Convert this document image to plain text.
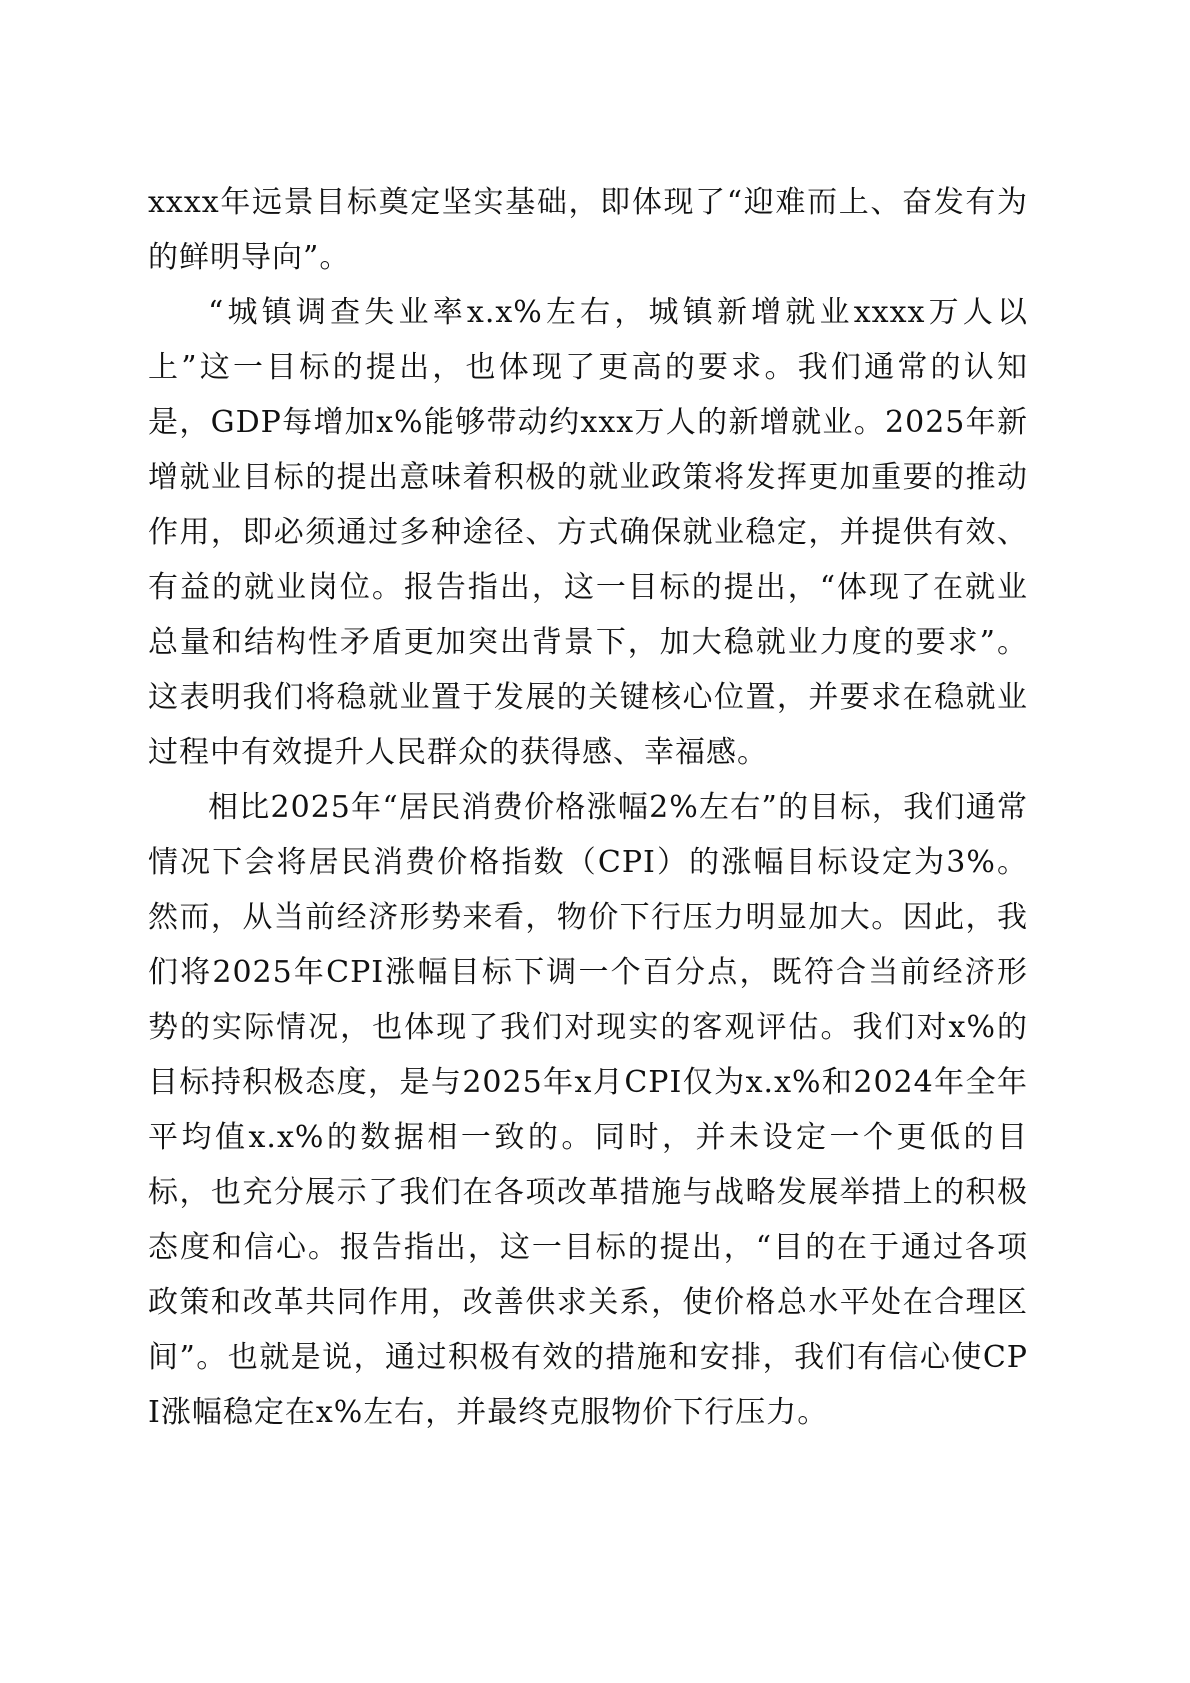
xxxx年远景目标奠定坚实基础，即体现了“迎难而上、奋发有为的鲜明导向”。

“城镇调查失业率x.x%左右，城镇新增就业xxxx万人以上”这一目标的提出，也体现了更高的要求。我们通常的认知是，GDP每增加x%能够带动约xxx万人的新增就业。2025年新增就业目标的提出意味着积极的就业政策将发挥更加重要的推动作用，即必须通过多种途径、方式确保就业稳定，并提供有效、有益的就业岗位。报告指出，这一目标的提出，“体现了在就业总量和结构性矛盾更加突出背景下，加大稳就业力度的要求”。这表明我们将稳就业置于发展的关键核心位置，并要求在稳就业过程中有效提升人民群众的获得感、幸福感。

相比2025年“居民消费价格涨幅2%左右”的目标，我们通常情况下会将居民消费价格指数（CPI）的涨幅目标设定为3%。然而，从当前经济形势来看，物价下行压力明显加大。因此，我们将2025年CPI涨幅目标下调一个百分点，既符合当前经济形势的实际情况，也体现了我们对现实的客观评估。我们对x%的目标持积极态度，是与2025年x月CPI仅为x.x%和2024年全年平均值x.x%的数据相一致的。同时，并未设定一个更低的目标，也充分展示了我们在各项改革措施与战略发展举措上的积极态度和信心。报告指出，这一目标的提出，“目的在于通过各项政策和改革共同作用，改善供求关系，使价格总水平处在合理区间”。也就是说，通过积极有效的措施和安排，我们有信心使CPI涨幅稳定在x%左右，并最终克服物价下行压力。
